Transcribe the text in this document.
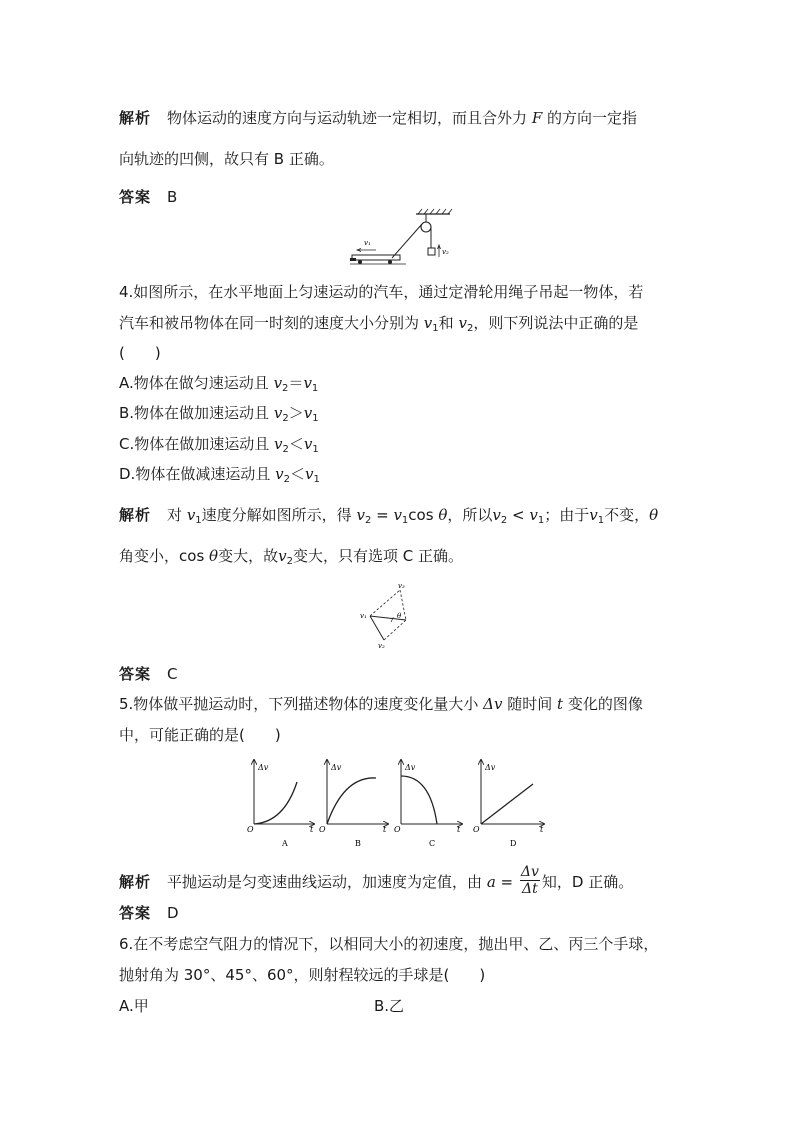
解析 物体运动的速度方向与运动轨迹一定相切，而且合外力 F 的方向一定指
向轨迹的凹侧，故只有 B 正确。
答案 B
v₂
v₁
4.如图所示，在水平地面上匀速运动的汽车，通过定滑轮用绳子吊起一物体，若
汽车和被吊物体在同一时刻的速度大小分别为 $v_1$和 $v_2$，则下列说法中正确的是
(　　)
A.物体在做匀速运动且 $v_2=v_1$
B.物体在做加速运动且 $v_2>v_1$
C.物体在做加速运动且 $v_2<v_1$
D.物体在做减速运动且 $v_2<v_1$
解析 对 $v_1$速度分解如图所示，得 $v_2 = v_1\cos$ θ，所以$v_2 < v_1$；由于$v_1$不变，θ
角变小，cos θ变大，故$v_2$变大，只有选项 C 正确。
v₁
v₂
v₃
θ
答案 C
5.物体做平抛运动时，下列描述物体的速度变化量大小 Δv 随时间 t 变化的图像
中，可能正确的是(　　)
Δv
O	t
A
Δv
t
B
Δv
t
C
Δv
O	t
D
O	O
解析 平抛运动是匀变速曲线运动，加速度为定值，由 $a = \frac{\Delta v}{\Delta t}$ 知，D 正确。
答案 D
6.在不考虑空气阻力的情况下，以相同大小的初速度，抛出甲、乙、丙三个手球，
抛射角为 30°、45°、60°，则射程较远的手球是(　　)
A.甲	B.乙
